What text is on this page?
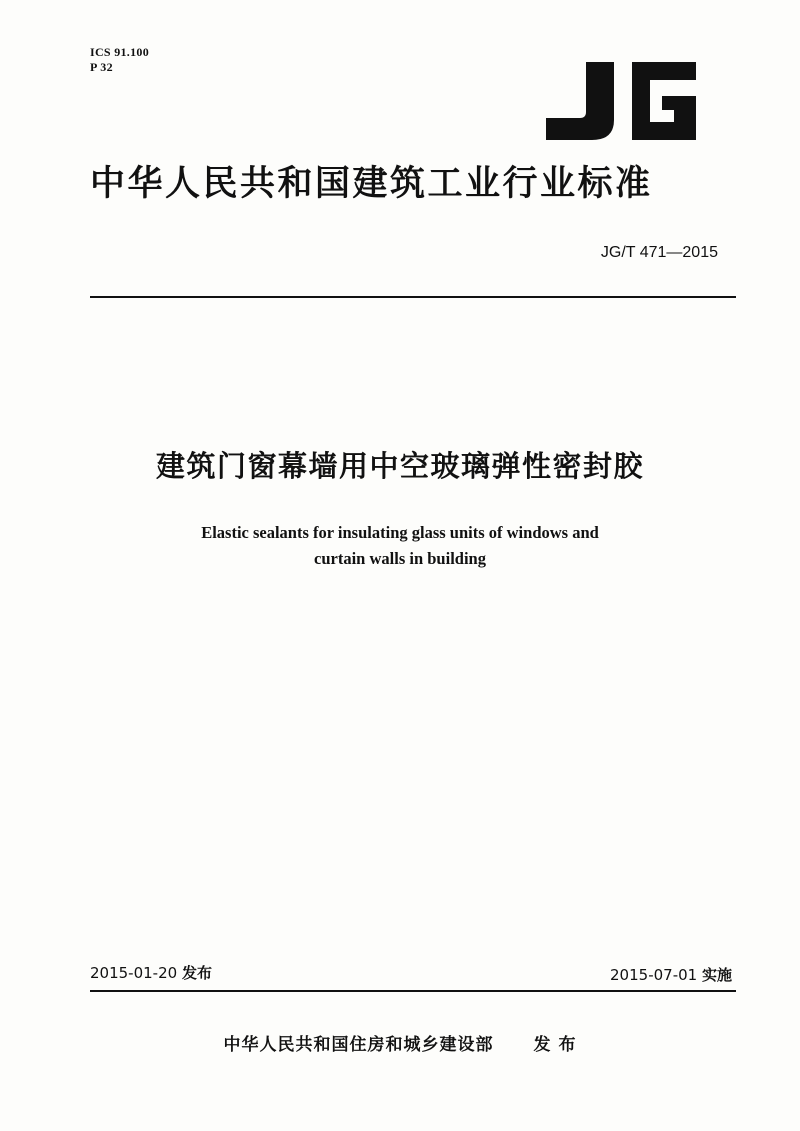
ICS 91.100
P 32
中华人民共和国建筑工业行业标准
JG/T 471—2015
建筑门窗幕墙用中空玻璃弹性密封胶
Elastic sealants for insulating glass units of windows and
curtain walls in building
2015-01-20 发布	2015-07-01 实施
中华人民共和国住房和城乡建设部 发 布
